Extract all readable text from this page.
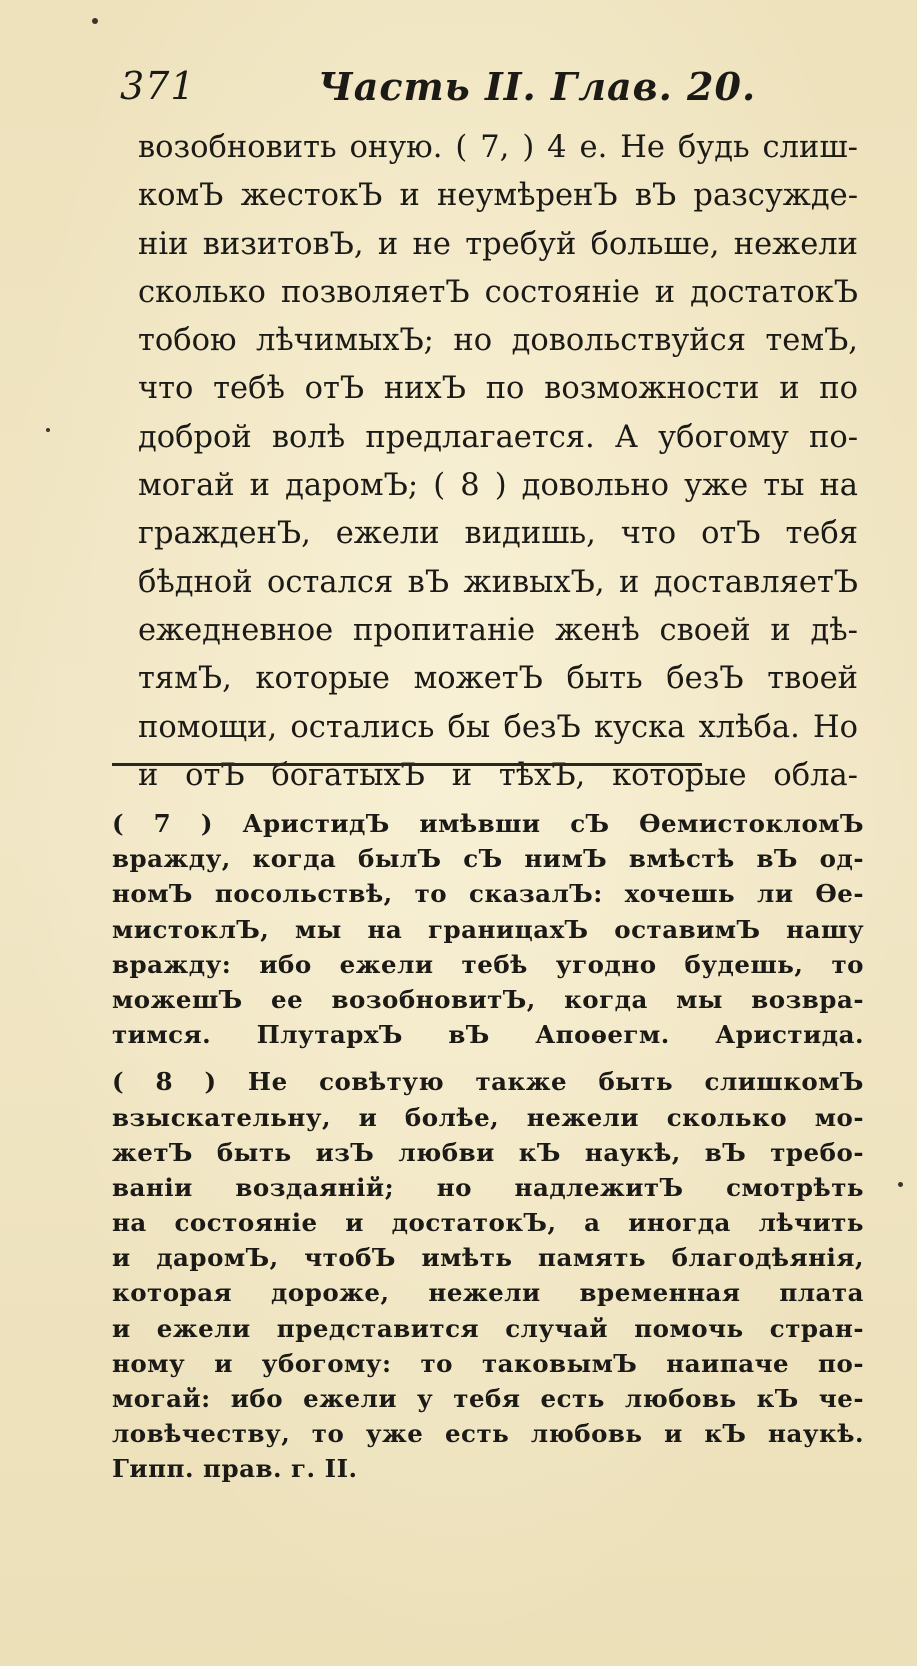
371	Часть II. Глав. 20.
возобновить оную. ( 7, ) 4 е. Не будь слиш-
комЪ жестокЪ и неумѣренЪ вЪ разсужде-
ніи визитовЪ, и не требуй больше, нежели
сколько позволяетЪ состояніе и достатокЪ
тобою лѣчимыхЪ; но довольствуйся темЪ,
что тебѣ отЪ нихЪ по возможности и по
доброй волѣ предлагается. А убогому по-
могай и даромЪ; ( 8 ) довольно уже ты на
гражденЪ, ежели видишь, что отЪ тебя
бѣдной остался вЪ живыхЪ, и доставляетЪ
ежедневное пропитаніе женѣ своей и дѣ-
тямЪ, которые можетЪ быть безЪ твоей
помощи, остались бы безЪ куска хлѣба. Но
и отЪ богатыхЪ и тѣхЪ, которые обла-
( 7 ) АристидЪ имѣвши сЪ ѲемистокломЪ
вражду, когда былЪ сЪ нимЪ вмѣстѣ вЪ од-
номЪ посольствѣ, то сказалЪ: хочешь ли Ѳе-
мистоклЪ, мы на границахЪ оставимЪ нашу
вражду: ибо ежели тебѣ угодно будешь, то
можешЪ ее возобновитЪ, когда мы возвра-
тимся. ПлутархЪ вЪ Апоѳегм. Аристида.
( 8 ) Не совѣтую также быть слишкомЪ
взыскательну, и болѣе, нежели сколько мо-
жетЪ быть изЪ любви кЪ наукѣ, вЪ требо-
ваніи воздаяній; но надлежитЪ смотрѣть
на состояніе и достатокЪ, а иногда лѣчить
и даромЪ, чтобЪ имѣть память благодѣянія,
которая дороже, нежели временная плата
и ежели представится случай помочь стран-
ному и убогому: то таковымЪ наипаче по-
могай: ибо ежели у тебя есть любовь кЪ че-
ловѣчеству, то уже есть любовь и кЪ наукѣ.
Гипп. прав. г. II.
